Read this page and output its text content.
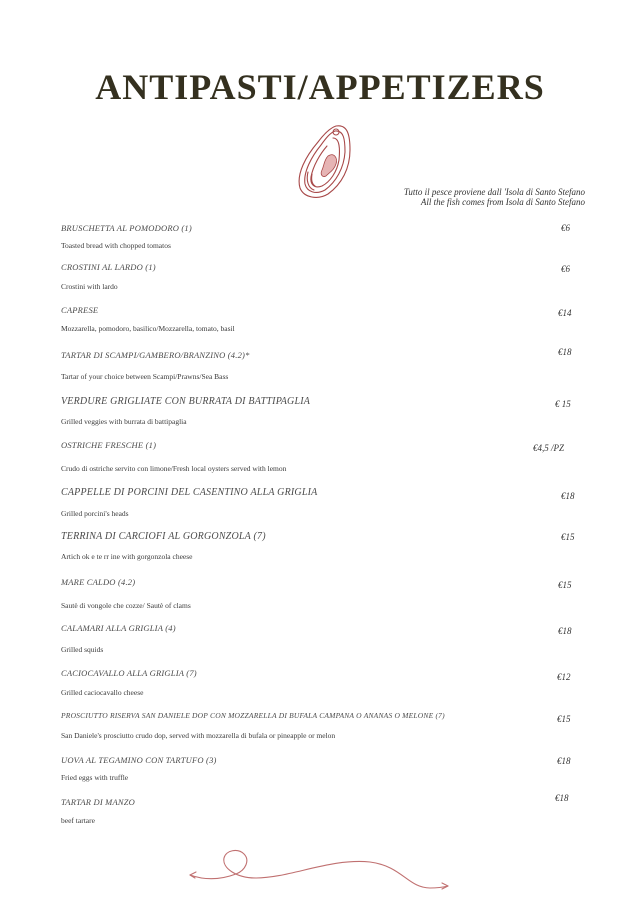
ANTIPASTI/APPETIZERS
Tutto il pesce proviene dall 'Isola di Santo Stefano
All the fish comes from Isola di Santo Stefano
BRUSCHETTA AL POMODORO (1)
Toasted bread with chopped tomatos
€6
CROSTINI AL LARDO (1)
Crostini with lardo
€6
CAPRESE
Mozzarella, pomodoro, basilico/Mozzarella, tomato, basil
€14
TARTAR DI SCAMPI/GAMBERO/BRANZINO (4.2)*
Tartar of your choice between Scampi/Prawns/Sea Bass
€18
VERDURE GRIGLIATE CON BURRATA DI BATTIPAGLIA
Grilled veggies with burrata di battipaglia
€ 15
OSTRICHE FRESCHE (1)
Crudo di ostriche servito con limone/Fresh local oysters served with lemon
€4,5 /PZ
CAPPELLE DI PORCINI DEL CASENTINO ALLA GRIGLIA
Grilled porcini's heads
€18
TERRINA DI CARCIOFI AL GORGONZOLA (7)
Artich ok e te rr ine with gorgonzola cheese
€15
MARE CALDO (4.2)
Sautè di vongole che cozze/ Sautè of clams
€15
CALAMARI ALLA GRIGLIA (4)
Grilled squids
€18
CACIOCAVALLO ALLA GRIGLIA (7)
Grilled caciocavallo cheese
€12
PROSCIUTTO RISERVA SAN DANIELE DOP CON MOZZARELLA DI BUFALA CAMPANA O ANANAS O MELONE (7)
San Daniele's prosciutto crudo dop, served with mozzarella di bufala or pineapple or melon
€15
UOVA AL TEGAMINO CON TARTUFO (3)
Fried eggs with truffle
€18
TARTAR DI MANZO
beef tartare
€18
